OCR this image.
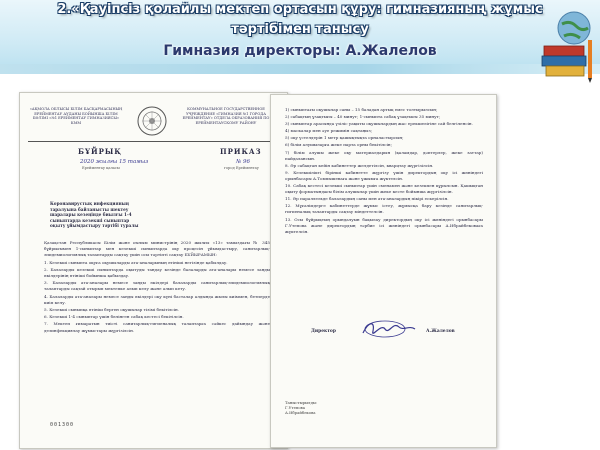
2.«Қауіпсіз қолайлы мектеп ортасын құру: гимназияның жұмыс
тәртібімен танысу
Гимназия директоры: А.Жалелов
«АҚМОЛА ОБЛЫСЫ БІЛІМ БАСҚАРМАСЫНЫҢ ЕРЕЙМЕНТАУ АУДАНЫ БОЙЫНША БІЛІМ БӨЛІМІ «№1 ЕРЕЙМЕНТАУ ГИМНАЗИЯСЫ» КММ
КОММУНАЛЬНОЕ ГОСУДАРСТВЕННОЕ УЧРЕЖДЕНИЕ «ГИМНАЗИЯ №1 ГОРОДА ЕРЕЙМЕНТАУ» ОТДЕЛА ОБРАЗОВАНИЯ ПО ЕРЕЙМЕНТАУСКОМУ РАЙОНУ
БҰЙРЫҚ	ПРИКАЗ
2020 жылғы 15 тамыз	№ 96
Ерейментау қаласы	город Ерейментау
Коронавирустық инфекцияның таралуына байланысты шектеу шаралары кезеңінде биылғы 1-4 сыныптарда кезекші сыныптар оқыту ұйымдастыру тәртібі туралы

Қазақстан Республикасы Білім және ғылым министрінің 2020 жылғы «13» тамыздағы № 345 бұйрығымен 1-сыныптар мен кезекші сыныптарда оқу процесін ұйымдастыру, санитарлық-эпидемиологиялық талаптарды сақтау үшін осы тәртіпті сақтау БҰЙЫРАМЫН:

1. Кезекші сыныпта оқуға оқушыларды ата-аналарының өтініші негізінде қабылдау.

2. Балаларды кезекші сыныптарда оқытуды таңдау кезінде балаларды ата-аналары немесе заңды өкілдерінің өтініші бойынша қабылдау.

3. Балаларды ата-аналары немесе заңды өкілдері балаларды санитарлық-эпидемиологиялық талаптарды сақтай отырып мектепке алып келу және алып кету.

4. Балаларды ата-аналары немесе заңды өкілдері оқу күні басталар алдында жылы киіммен, бетперде киіп келу.

5. Кезекші сыныпқа өтініш берген оқушылар тізімі бекітілсін.

6. Кезекші 1-4 сыныптар үшін бөлінген сабақ кестесі бекітілсін.

7. Мектеп ғимаратын тиісті санитарлық-гигиеналық талаптарға сәйкес дайындау және дезинфекциялау жұмыстары жүргізілсін.

001300

1) сыныптағы оқушылар саны – 15 баладан артық емес толтырылсын;

2) сабақтың ұзақтығы – 40 минут; 1-сыныпта сабақ ұзақтығы 35 минут;

3) сыныптар арасында үзіліс уақыты оқушылардың жас ерекшелігіне сай белгіленсін.

4) маскалар мен әуе режимін сақтаңыз;

5) оқу үстелдерін 1 метр қашықтықта орналастырсын;

6) білім алушыларға жеке парта орны бекітілсін;

7) білім алушы жеке оқу материалдарын (қаламдар, дәптерлер, жеке заттар) пайдалансын.

8. Әр сабақтан кейін кабинеттер желдетілсін, кварцтау жүргізілсін.

9. Кезекшілікті бірінші кабинетте жүргізу үшін директордың оқу ісі жөніндегі орынбасары А.Томпышеваға және ұжымға жүктелсін.

10. Сабақ кестесі кезекші сыныптар үшін сменамен және кезекпен құрылсын. Қашықтан оқыту форматындағы білім алушылар үшін жеке кесте бойынша жүргізілсін.

11. Әр параллельде балалардың саны мен ата-аналардың пікірі ескерілсін.

12. Мұғалімдерге кабинеттерде жұмыс істеу, жұмысқа бару кезінде санитарлық-гигиеналық талаптарды сақтау міндеттелсін.

13. Осы бұйрықтың орындалуын бақылау директордың оқу ісі жөніндегі орынбасары Г.Утепова және директордың тәрбие ісі жөніндегі орынбасары А.Ибрайбековаға жүктелсін.

Директор	А.Жалелов
Таныстырылды:
Г.Утепова
А.Ибрайбекова
